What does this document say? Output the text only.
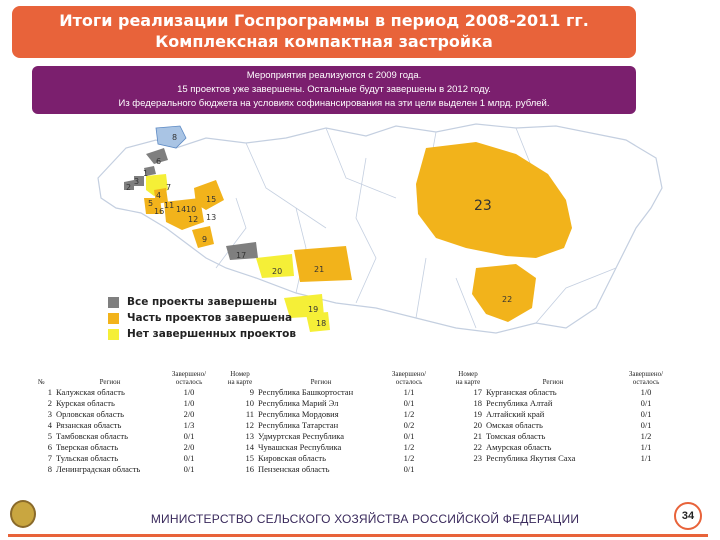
Итоги реализации Госпрограммы в период 2008-2011 гг.
Комплексная компактная застройка
Мероприятия реализуются с 2009 года.
15 проектов уже завершены. Остальные будут завершены в 2012 году.
Из федерального бюджета на условиях софинансирования на эти цели выделен 1 млрд. рублей.
8
6
1
3
2
5
16
11 14 10
15
13
12
4
9
17
20	21
23
22
19
18
7
Все проекты завершены
Часть проектов завершена
Нет завершенных проектов
№	Регион	Завершено/ осталось
1	Калужская область	1/0
2	Курская область	1/0
3	Орловская область	2/0
4	Рязанская область	1/3
5	Тамбовская область	0/1
6	Тверская область	2/0
7	Тульская область	0/1
8	Ленинградская область	0/1
Номер на карте	Регион	Завершено/ осталось
9	Республика Башкортостан	1/1
10	Республика Марий Эл	0/1
11	Республика Мордовия	1/2
12	Республика Татарстан	0/2
13	Удмуртская Республика	0/1
14	Чувашская Республика	1/2
15	Кировская область	1/2
16	Пензенская область	0/1
Номер на карте	Регион	Завершено/ осталось
17	Курганская область	1/0
18	Республика Алтай	0/1
19	Алтайский край	0/1
20	Омская область	0/1
21	Томская область	1/2
22	Амурская область	1/1
23	Республика Якутия Саха	1/1
МИНИСТЕРСТВО СЕЛЬСКОГО ХОЗЯЙСТВА РОССИЙСКОЙ ФЕДЕРАЦИИ	34
